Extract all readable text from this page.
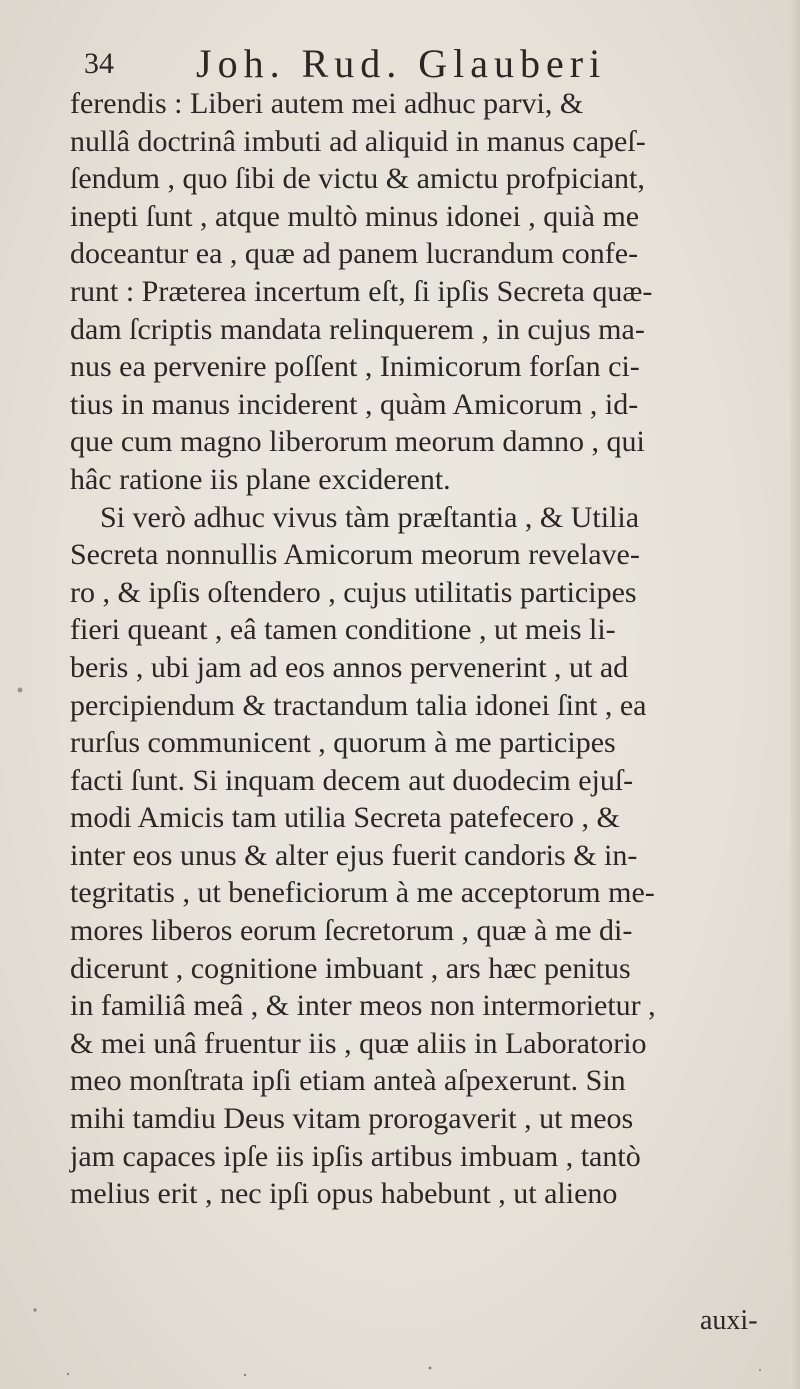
34 Joh. Rud. Glauberi
ferendis : Liberi autem mei adhuc parvi, &
nullâ doctrinâ imbuti ad aliquid in manus capeſ-
ſendum , quo ſibi de victu & amictu profpiciant,
inepti ſunt , atque multò minus idonei , quià me
doceantur ea , quæ ad panem lucrandum confe-
runt : Præterea incertum eſt, ſi ipſis Secreta quæ-
dam ſcriptis mandata relinquerem , in cujus ma-
nus ea pervenire poſſent , Inimicorum forſan ci-
tius in manus inciderent , quàm Amicorum , id-
que cum magno liberorum meorum damno , qui
hâc ratione iis plane exciderent.
Si verò adhuc vivus tàm præſtantia , & Utilia
Secreta nonnullis Amicorum meorum revelave-
ro , & ipſis oſtendero , cujus utilitatis participes
fieri queant , eâ tamen conditione , ut meis li-
beris , ubi jam ad eos annos pervenerint , ut ad
percipiendum & tractandum talia idonei ſint , ea
rurſus communicent , quorum à me participes
facti ſunt. Si inquam decem aut duodecim ejuſ-
modi Amicis tam utilia Secreta patefecero , &
inter eos unus & alter ejus fuerit candoris & in-
tegritatis , ut beneficiorum à me acceptorum me-
mores liberos eorum ſecretorum , quæ à me di-
dicerunt , cognitione imbuant , ars hæc penitus
in familiâ meâ , & inter meos non intermorietur ,
& mei unâ fruentur iis , quæ aliis in Laboratorio
meo monſtrata ipſi etiam anteà aſpexerunt. Sin
mihi tamdiu Deus vitam prorogaverit , ut meos
jam capaces ipſe iis ipſis artibus imbuam , tantò
melius erit , nec ipſi opus habebunt , ut alieno
auxi-
